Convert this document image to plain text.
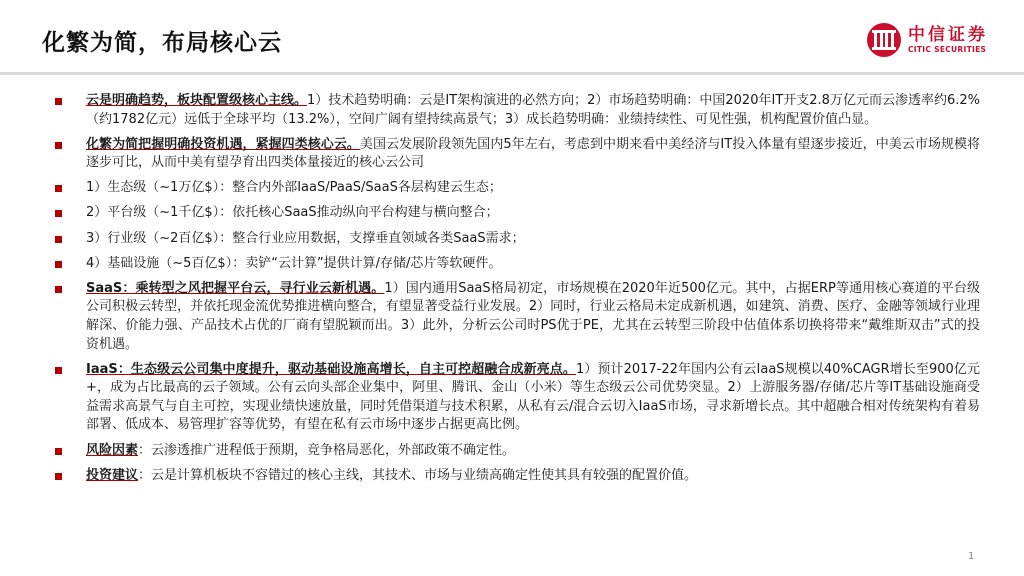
化繁为简，布局核心云	中信证券
CITIC SECURITIES
云是明确趋势，板块配置级核心主线。1）技术趋势明确：云是IT架构演进的必然方向；2）市场趋势明确：中国2020年IT开支2.8万亿元而云渗透率约6.2%（约1782亿元）远低于全球平均（13.2%），空间广阔有望持续高景气；3）成长趋势明确：业绩持续性、可见性强，机构配置价值凸显。
化繁为简把握明确投资机遇，紧握四类核心云。美国云发展阶段领先国内5年左右，考虑到中期来看中美经济与IT投入体量有望逐步接近，中美云市场规模将逐步可比，从而中美有望孕育出四类体量接近的核心云公司
1）生态级（~1万亿$）：整合内外部IaaS/PaaS/SaaS各层构建云生态；
2）平台级（~1千亿$）：依托核心SaaS推动纵向平台构建与横向整合；
3）行业级（~2百亿$）：整合行业应用数据，支撑垂直领域各类SaaS需求；
4）基础设施（~5百亿$）：卖铲“云计算”提供计算/存储/芯片等软硬件。
SaaS：乘转型之风把握平台云，寻行业云新机遇。1）国内通用SaaS格局初定，市场规模在2020年近500亿元。其中，占据ERP等通用核心赛道的平台级公司积极云转型，并依托现金流优势推进横向整合，有望显著受益行业发展。2）同时，行业云格局未定成新机遇，如建筑、消费、医疗、金融等领域行业理解深、价能力强、产品技术占优的厂商有望脱颖而出。3）此外，分析云公司时PS优于PE，尤其在云转型三阶段中估值体系切换将带来“戴维斯双击”式的投资机遇。
IaaS：生态级云公司集中度提升，驱动基础设施高增长，自主可控超融合成新亮点。1）预计2017-22年国内公有云IaaS规模以40%CAGR增长至900亿元+，成为占比最高的云子领域。公有云向头部企业集中，阿里、腾讯、金山（小米）等生态级云公司优势突显。2）上游服务器/存储/芯片等IT基础设施商受益需求高景气与自主可控，实现业绩快速放量，同时凭借渠道与技术积累，从私有云/混合云切入IaaS市场，寻求新增长点。其中超融合相对传统架构有着易部署、低成本、易管理扩容等优势，有望在私有云市场中逐步占据更高比例。
风险因素：云渗透推广进程低于预期，竞争格局恶化，外部政策不确定性。
投资建议：云是计算机板块不容错过的核心主线，其技术、市场与业绩高确定性使其具有较强的配置价值。
1
